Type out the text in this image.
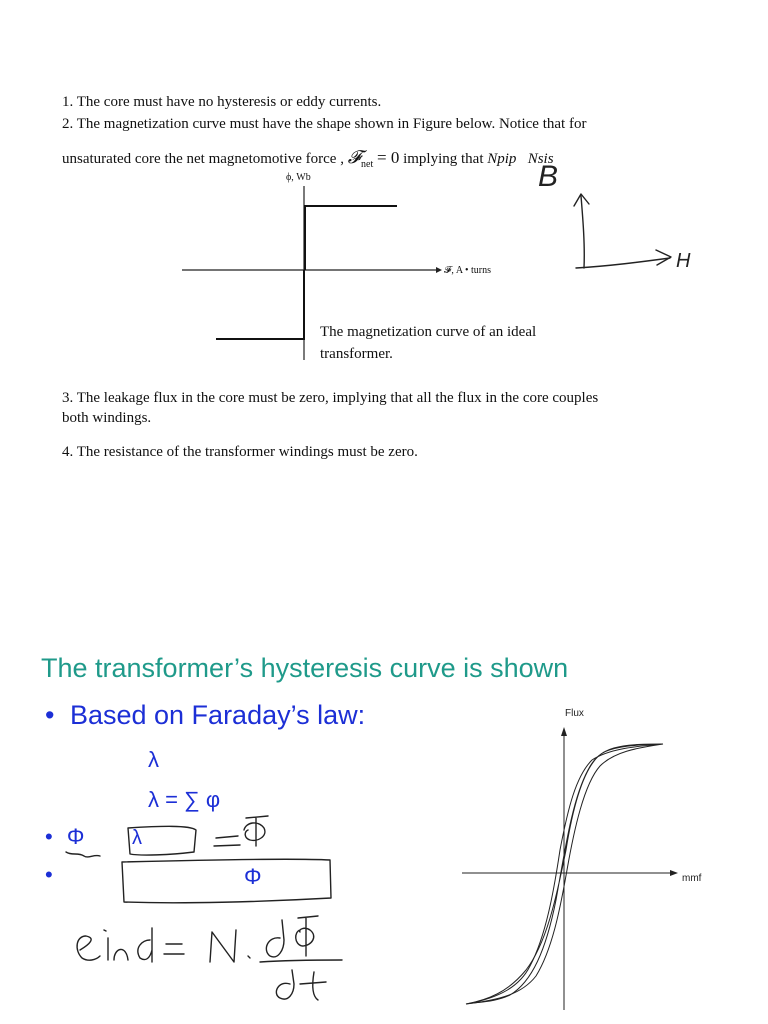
1. The core must have no hysteresis or eddy currents.
2. The magnetization curve must have the shape shown in Figure below. Notice that for
unsaturated core the net magnetomotive force , 𝓕$_{net}$ = 0 implying that Npip Nsis
ϕ, Wb
𝓕, A • turns
The magnetization curve of an ideal
transformer.
B
H
3. The leakage flux in the core must be zero, implying that all the flux in the core couples
both windings.
4. The resistance of the transformer windings must be zero.
The transformer’s hysteresis curve is shown
• Based on Faraday’s law:
λ
λ = ∑ φ
• Φ λ
•	Φ
Flux
mmf
